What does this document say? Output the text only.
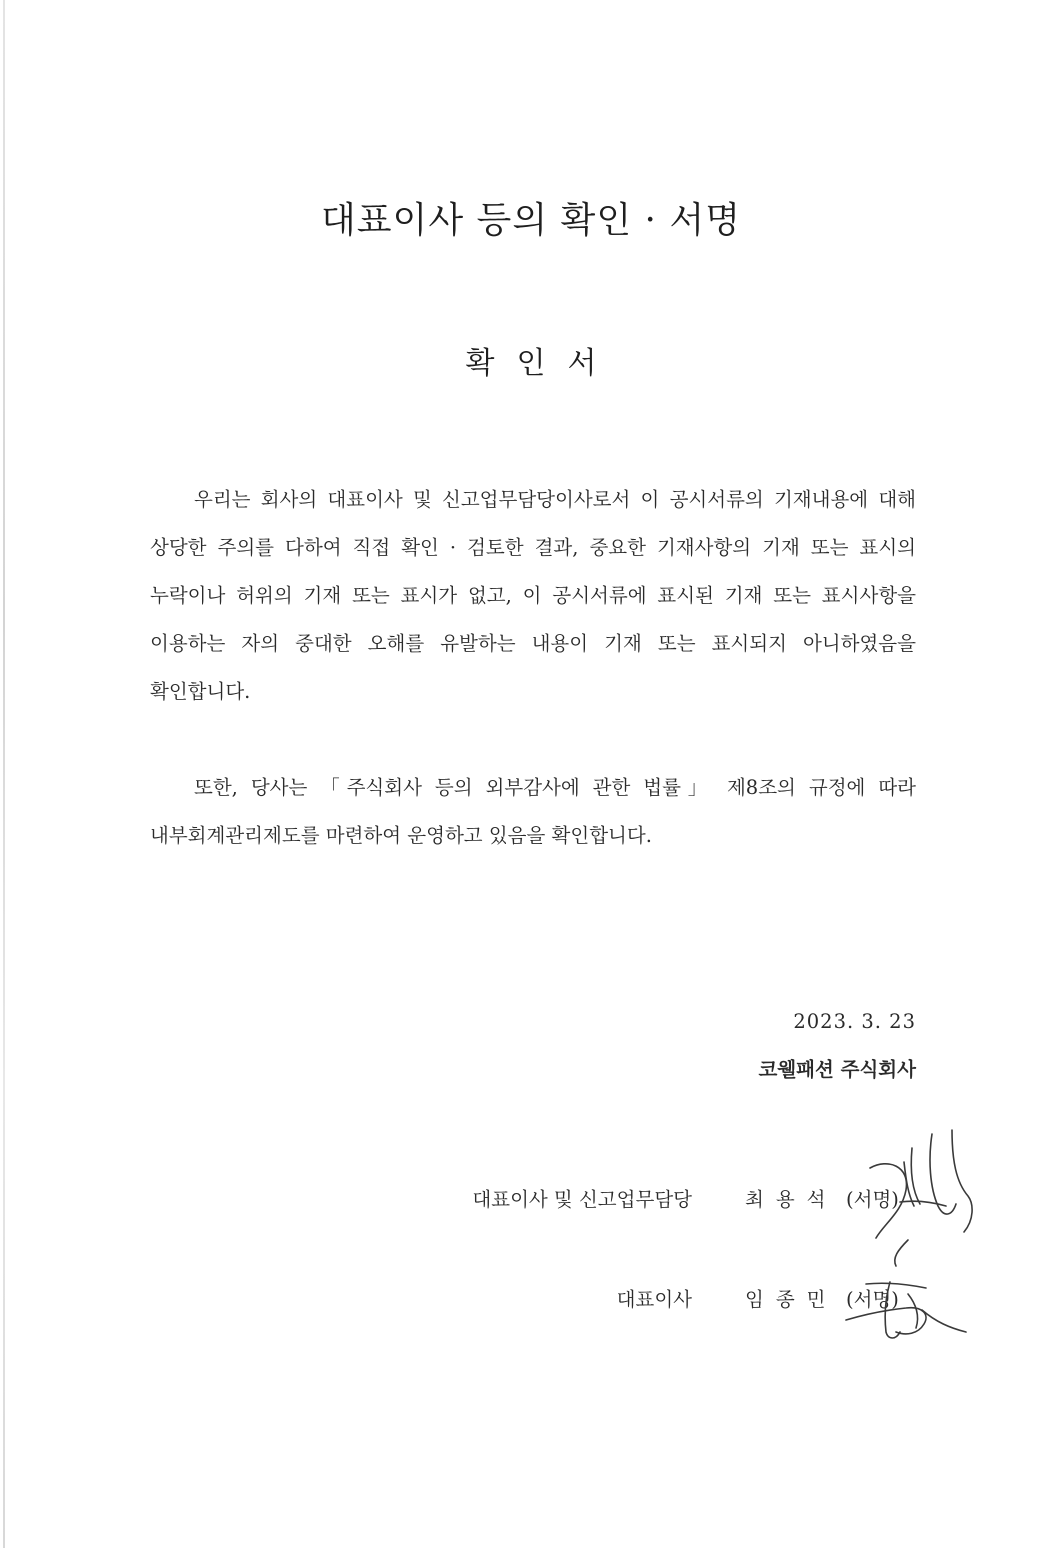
대표이사 등의 확인 · 서명
확인서

우리는 회사의 대표이사 및 신고업무담당이사로서 이 공시서류의 기재내용에 대해 상당한 주의를 다하여 직접 확인 · 검토한 결과, 중요한 기재사항의 기재 또는 표시의 누락이나 허위의 기재 또는 표시가 없고, 이 공시서류에 표시된 기재 또는 표시사항을 이용하는 자의 중대한 오해를 유발하는 내용이 기재 또는 표시되지 아니하였음을 확인합니다.

또한, 당사는 「주식회사 등의 외부감사에 관한 법률」 제8조의 규정에 따라 내부회계관리제도를 마련하여 운영하고 있음을 확인합니다.

2023. 3. 23
코웰패션 주식회사
대표이사 및 신고업무담당	최용석 (서명)
대표이사	임종민 (서명)
